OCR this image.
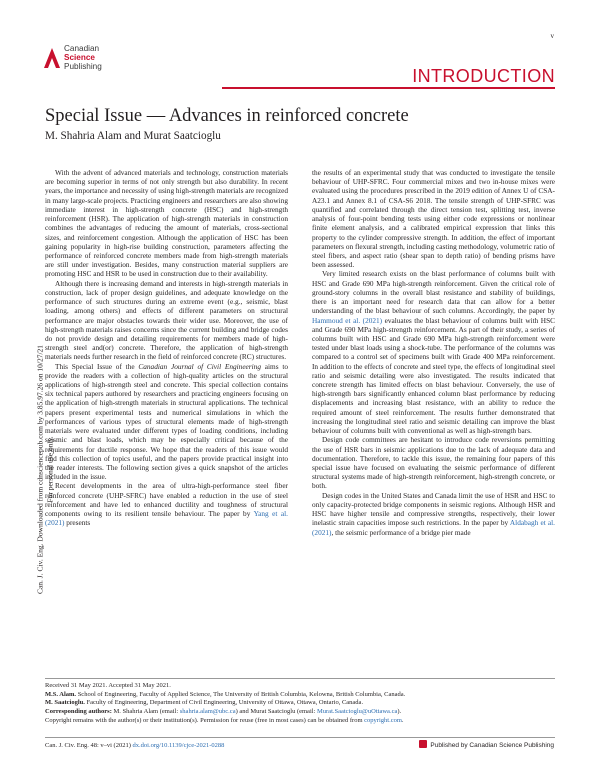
v
Canadian
Science
Publishing	INTRODUCTION
Special Issue — Advances in reinforced concrete
M. Shahria Alam and Murat Saatcioglu
Can. J. Civ. Eng. Downloaded from cdnsciencepub.com by 3.85.97.26 on 10/27/21 For personal use only.

With the advent of advanced materials and technology, construction materials are becoming superior in terms of not only strength but also durability. In recent years, the importance and necessity of using high-strength materials are recognized in many large-scale projects. Practicing engineers and researchers are also showing immediate interest in high-strength concrete (HSC) and high-strength reinforcement (HSR). The application of high-strength materials in construction combines the advantages of reducing the amount of materials, cross-sectional sizes, and reinforcement congestion. Although the application of HSC has been gaining popularity in high-rise building construction, parameters affecting the performance of reinforced concrete members made from high-strength materials are still under investigation. Besides, many construction material suppliers are promoting HSC and HSR to be used in construction due to their availability.

Although there is increasing demand and interests in high-strength materials in construction, lack of proper design guidelines, and adequate knowledge on the performance of such structures during an extreme event (e.g., seismic, blast loading, among others) and effects of different parameters on structural performance are major obstacles towards their wider use. Moreover, the use of high-strength materials raises concerns since the current building and bridge codes do not provide design and detailing requirements for members made of high-strength steel and(or) concrete. Therefore, the application of high-strength materials needs further research in the field of reinforced concrete (RC) structures.

This Special Issue of the Canadian Journal of Civil Engineering aims to provide the readers with a collection of high-quality articles on the structural applications of high-strength steel and concrete. This special collection contains six technical papers authored by researchers and practicing engineers focusing on the application of high-strength materials in structural applications. The technical papers present experimental tests and numerical simulations in which the performances of various types of structural elements made of high-strength materials were evaluated under different types of loading conditions, including seismic and blast loads, which may be especially critical because of the requirements for ductile response. We hope that the readers of this issue would find this collection of topics useful, and the papers provide practical insight into the reader interests. The following section gives a quick snapshot of the articles included in the issue.

Recent developments in the area of ultra-high-performance steel fiber reinforced concrete (UHP-SFRC) have enabled a reduction in the use of steel reinforcement and have led to enhanced ductility and toughness of structural components owing to its resilient tensile behaviour. The paper by Yang et al. (2021) presents

the results of an experimental study that was conducted to investigate the tensile behaviour of UHP-SFRC. Four commercial mixes and two in-house mixes were evaluated using the procedures prescribed in the 2019 edition of Annex U of CSA-A23.1 and Annex 8.1 of CSA-S6 2018. The tensile strength of UHP-SFRC was quantified and correlated through the direct tension test, splitting test, inverse analysis of four-point bending tests using either code expressions or nonlinear finite element analysis, and a calibrated empirical expression that links this property to the cylinder compressive strength. In addition, the effect of important parameters on flexural strength, including casting methodology, volumetric ratio of steel fibers, and aspect ratio (shear span to depth ratio) of bending prisms have been assessed.

Very limited research exists on the blast performance of columns built with HSC and Grade 690 MPa high-strength reinforcement. Given the critical role of ground-story columns in the overall blast resistance and stability of buildings, there is an important need for research data that can allow for a better understanding of the blast behaviour of such columns. Accordingly, the paper by Hammoud et al. (2021) evaluates the blast behaviour of columns built with HSC and Grade 690 MPa high-strength reinforcement. As part of their study, a series of columns built with HSC and Grade 690 MPa high-strength reinforcement were tested under blast loads using a shock-tube. The performance of the columns was compared to a control set of specimens built with Grade 400 MPa reinforcement. In addition to the effects of concrete and steel type, the effects of longitudinal steel ratio and seismic detailing were also investigated. The results indicated that concrete strength has limited effects on blast behaviour. Conversely, the use of high-strength bars significantly enhanced column blast performance by reducing displacements and increasing blast resistance, with an ability to reduce the required amount of steel reinforcement. The results further demonstrated that increasing the longitudinal steel ratio and seismic detailing can improve the blast behaviour of columns built with conventional as well as high-strength bars.

Design code committees are hesitant to introduce code reversions permitting the use of HSR bars in seismic applications due to the lack of adequate data and documentation. Therefore, to tackle this issue, the remaining four papers of this special issue have focused on evaluating the seismic performance of different structural systems made of high-strength reinforcement, high-strength concrete, or both.

Design codes in the United States and Canada limit the use of HSR and HSC to only capacity-protected bridge components in seismic regions. Although HSR and HSC have higher tensile and compressive strengths, respectively, their lower inelastic strain capacities impose such restrictions. In the paper by Aldabagh et al. (2021), the seismic performance of a bridge pier made

Received 31 May 2021. Accepted 31 May 2021.
M.S. Alam. School of Engineering, Faculty of Applied Science, The University of British Columbia, Kelowna, British Columbia, Canada.
M. Saatcioglu. Faculty of Engineering, Department of Civil Engineering, University of Ottawa, Ottawa, Ontario, Canada.
Corresponding authors: M. Shahria Alam (email: shahria.alam@ubc.ca) and Murat Saatcioglu (email: Murat.Saatcioglu@uOttawa.ca).
Copyright remains with the author(s) or their institution(s). Permission for reuse (free in most cases) can be obtained from copyright.com.
Can. J. Civ. Eng. 48: v–vi (2021) dx.doi.org/10.1139/cjce-2021-0288	Published by Canadian Science Publishing
